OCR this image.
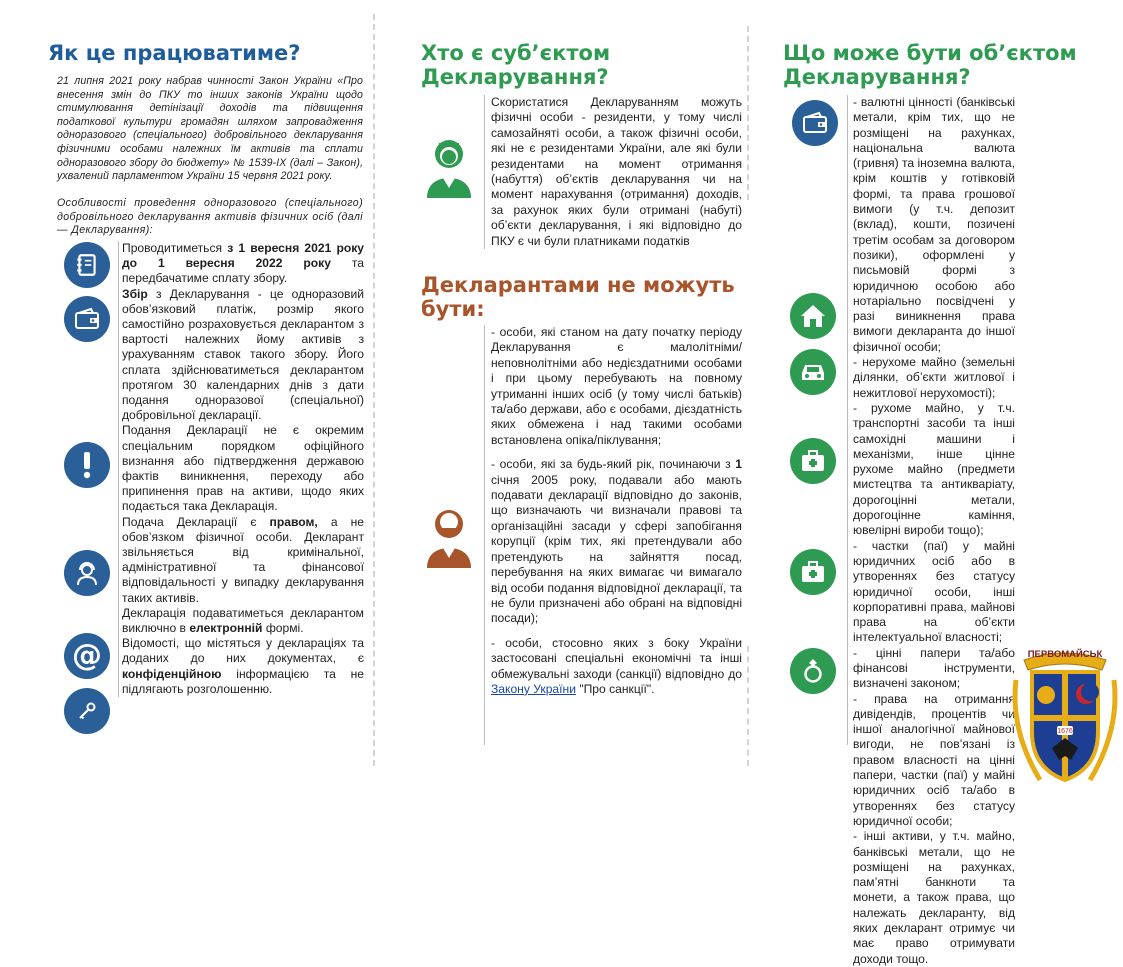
Як це працюватиме?
21 липня 2021 року набрав чинності Закон України «Про внесення змін до ПКУ то інших законів України щодо стимулювання детінізації доходів та підвищення податкової культури громадян шляхом запровадження одноразового (спеціального) добровільного декларування фізичними особами належних їм активів та сплати одноразового збору до бюджету» № 1539-IX (далі – Закон), ухвалений парламентом України 15 червня 2021 року.
Особливості проведення одноразового (спеціального) добровільного декларування активів фізичних осіб (далі — Декларування):
@

Проводитиметься з 1 вересня 2021 року до 1 вересня 2022 року та передбачатиме сплату збору.

Збір з Декларування - це одноразовий обов’язковий платіж, розмір якого самостійно розраховується декларантом з вартості належних йому активів з урахуванням ставок такого збору. Його сплата здійснюватиметься декларантом протягом 30 календарних днів з дати подання одноразової (спеціальної) добровільної декларації.

Подання Декларації не є окремим спеціальним порядком офіційного визнання або підтвердження державою фактів виникнення, переходу або припинення прав на активи, щодо яких подається така Декларація.

Подача Декларації є правом, а не обов’язком фізичної особи. Декларант звільняється від кримінальної, адміністративної та фінансової відповідальності у випадку декларування таких активів.

Декларація подаватиметься декларантом виключно в електронній формі.

Відомості, що містяться у деклараціях та доданих до них документах, є конфіденційною інформацією та не підлягають розголошенню.

Хто є суб’єктом Декларування?
Скористатися Декларуванням можуть фізичні особи - резиденти, у тому числі самозайняті особи, а також фізичні особи, які не є резидентами України, але які були резидентами на момент отримання (набуття) об’єктів декларування чи на момент нарахування (отримання) доходів, за рахунок яких були отримані (набуті) об’єкти декларування, і які відповідно до ПКУ є чи були платниками податків
Декларантами не можуть бути:

- особи, які станом на дату початку періоду Декларування є малолітніми/ неповнолітніми або недієздатними особами і при цьому перебувають на повному утриманні інших осіб (у тому числі батьків) та/або держави, або є особами, дієздатність яких обмежена і над такими особами встановлена опіка/піклування;

- особи, які за будь-який рік, починаючи з 1 січня 2005 року, подавали або мають подавати декларації відповідно до законів, що визначають чи визначали правові та організаційні засади у сфері запобігання корупції (крім тих, які претендували або претендують на зайняття посад, перебування на яких вимагає чи вимагало від особи подання відповідної декларації, та не були призначені або обрані на відповідні посади);

- особи, стосовно яких з боку України застосовані спеціальні економічні та інші обмежувальні заходи (санкції) відповідно до Закону України "Про санкції".

Що може бути об’єктом Декларування?

- валютні цінності (банківські метали, крім тих, що не розміщені на рахунках, національна валюта (гривня) та іноземна валюта, крім коштів у готівковій формі, та права грошової вимоги (у т.ч. депозит (вклад), кошти, позичені третім особам за договором позики), оформлені у письмовій формі з юридичною особою або нотаріально посвідчені у разі виникнення права вимоги декларанта до іншої фізичної особи;

- нерухоме майно (земельні ділянки, об’єкти житлової і нежитлової нерухомості);

- рухоме майно, у т.ч. транспортні засоби та інші самохідні машини і механізми, інше цінне рухоме майно (предмети мистецтва та антикваріату, дорогоцінні метали, дорогоцінне каміння, ювелірні вироби тощо);

- частки (паї) у майні юридичних осіб або в утвореннях без статусу юридичної особи, інші корпоративні права, майнові права на об’єкти інтелектуальної власності;

- цінні папери та/або фінансові інструменти, визначені законом;

- права на отримання дивідендів, процентів чи іншої аналогічної майнової вигоди, не пов’язані із правом власності на цінні папери, частки (паї) у майні юридичних осіб та/або в утвореннях без статусу юридичної особи;

- інші активи, у т.ч. майно, банківські метали, що не розміщені на рахунках, пам’ятні банкноти та монети, а також права, що належать декларанту, від яких декларант отримує чи має право отримувати доходи тощо.

1676
ПЕРВОМАЙСЬК
